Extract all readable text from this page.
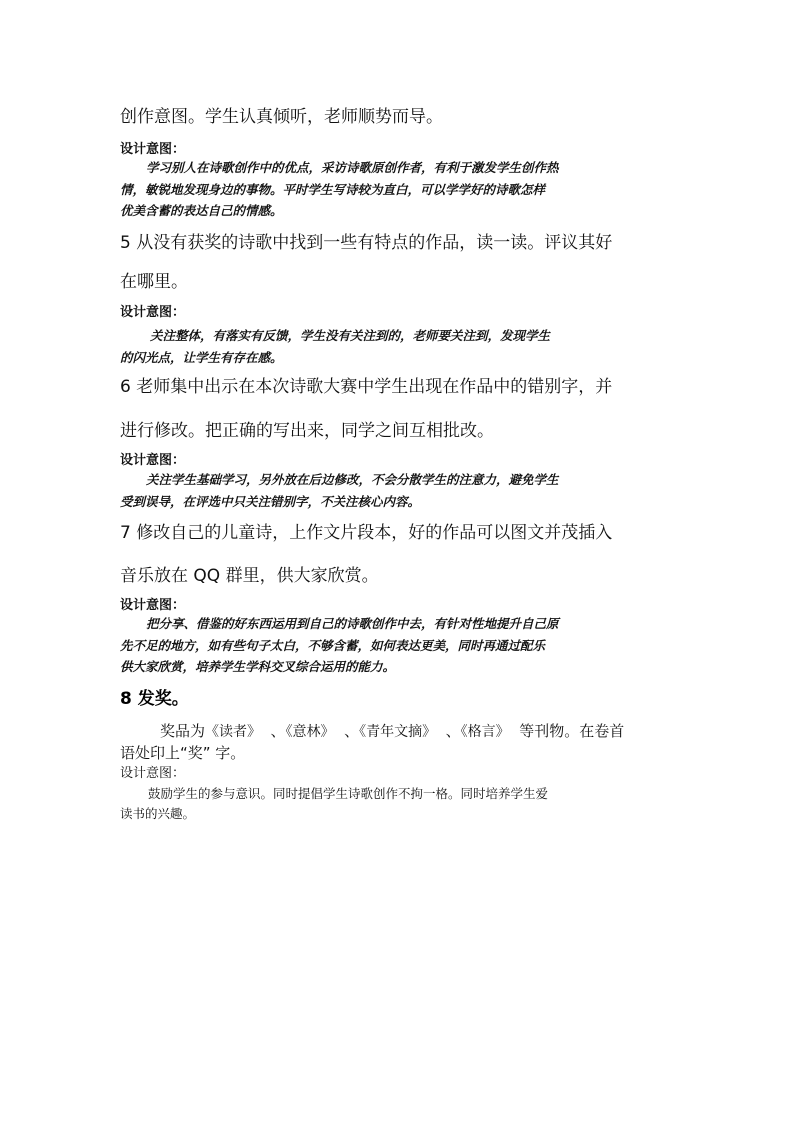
创作意图。学生认真倾听，老师顺势而导。
设计意图：

学习别人在诗歌创作中的优点，采访诗歌原创作者，有利于激发学生创作热

情，敏锐地发现身边的事物。平时学生写诗较为直白，可以学学好的诗歌怎样

优美含蓄的表达自己的情感。

5 从没有获奖的诗歌中找到一些有特点的作品，读一读。评议其好
在哪里。
设计意图：

关注整体，有落实有反馈，学生没有关注到的，老师要关注到，发现学生

的闪光点，让学生有存在感。

6 老师集中出示在本次诗歌大赛中学生出现在作品中的错别字，并
进行修改。把正确的写出来，同学之间互相批改。
设计意图：

关注学生基础学习，另外放在后边修改，不会分散学生的注意力，避免学生

受到误导，在评选中只关注错别字，不关注核心内容。

7 修改自己的儿童诗，上作文片段本，好的作品可以图文并茂插入
音乐放在 QQ 群里，供大家欣赏。
设计意图：

把分享、借鉴的好东西运用到自己的诗歌创作中去，有针对性地提升自己原

先不足的地方，如有些句子太白，不够含蓄，如何表达更美，同时再通过配乐

供大家欣赏，培养学生学科交叉综合运用的能力。

8 发奖。
奖品为《读者》  、《意林》  、《青年文摘》  、《格言》 等刊物。在卷首
语处印上“奖” 字。
设计意图：

鼓励学生的参与意识。同时提倡学生诗歌创作不拘一格。同时培养学生爱

读书的兴趣。
